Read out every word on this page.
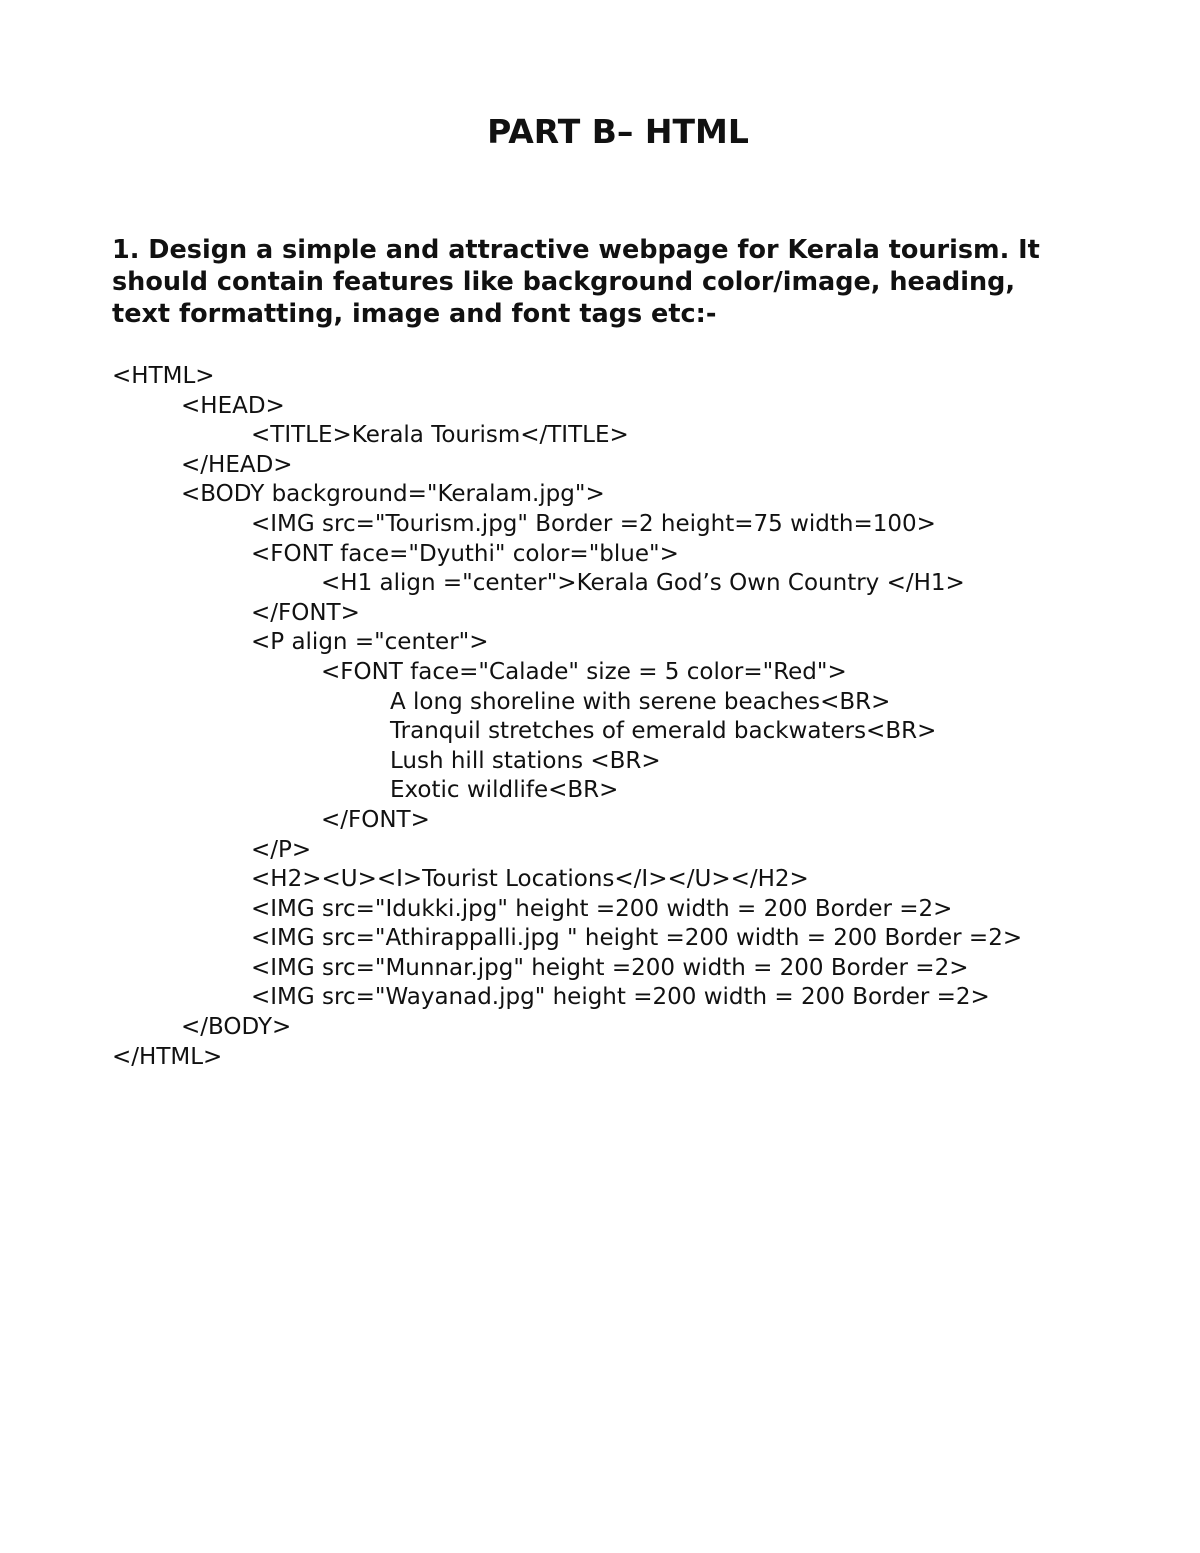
PART B– HTML
1. Design a simple and attractive webpage for Kerala tourism. It
should contain features like background color/image, heading,
text formatting, image and font tags etc:-
<HTML>
<HEAD>
<TITLE>Kerala Tourism</TITLE>
</HEAD>
<BODY background="Keralam.jpg">
<IMG src="Tourism.jpg" Border =2 height=75 width=100>
<FONT face="Dyuthi" color="blue">
<H1 align ="center">Kerala God’s Own Country </H1>
</FONT>
<P align ="center">
<FONT face="Calade" size = 5 color="Red">
A long shoreline with serene beaches<BR>
Tranquil stretches of emerald backwaters<BR>
Lush hill stations <BR>
Exotic wildlife<BR>
</FONT>
</P>
<H2><U><I>Tourist Locations</I></U></H2>
<IMG src="Idukki.jpg" height =200 width = 200 Border =2>
<IMG src="Athirappalli.jpg " height =200 width = 200 Border =2>
<IMG src="Munnar.jpg" height =200 width = 200 Border =2>
<IMG src="Wayanad.jpg" height =200 width = 200 Border =2>
</BODY>
</HTML>
